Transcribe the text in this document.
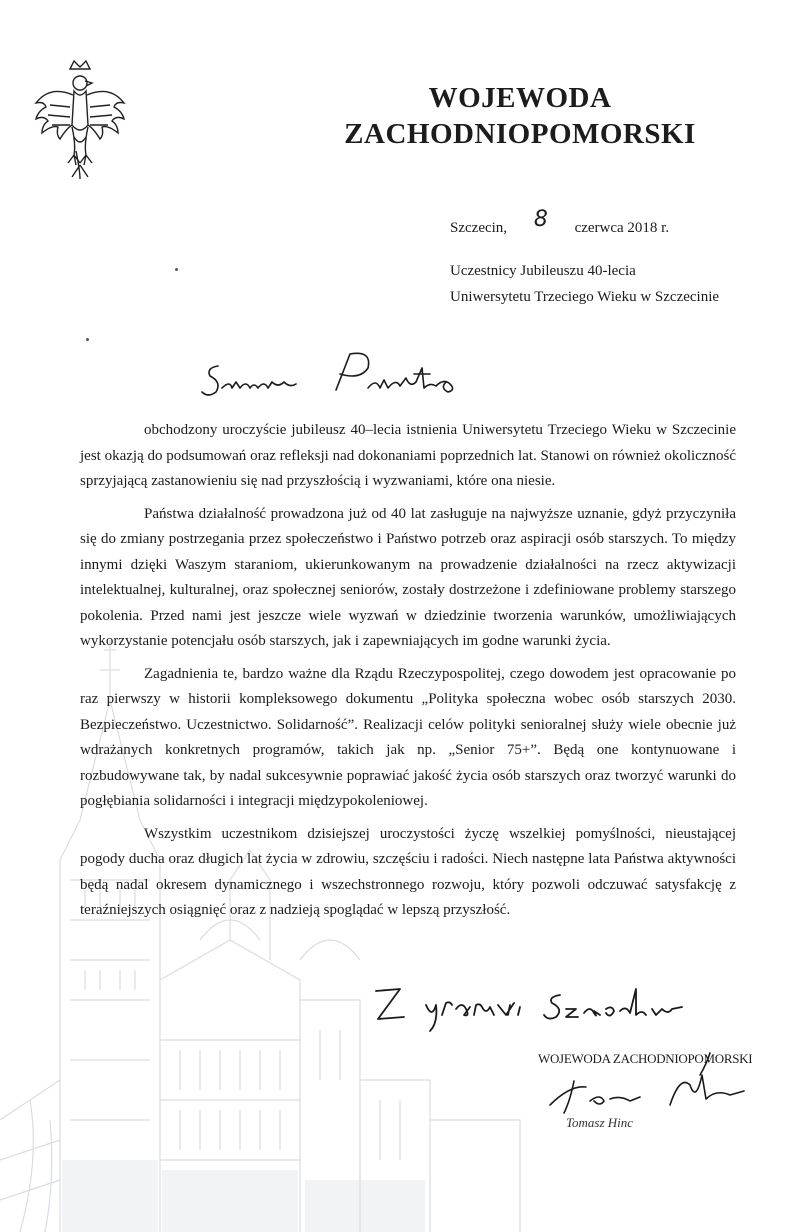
WOJEWODA
ZACHODNIOPOMORSKI
Szczecin, 8 czerwca 2018 r.
Uczestnicy Jubileuszu 40-lecia
Uniwersytetu Trzeciego Wieku w Szczecinie

obchodzony uroczyście jubileusz 40–lecia istnienia Uniwersytetu Trzeciego Wieku w Szczecinie jest okazją do podsumowań oraz refleksji nad dokonaniami poprzednich lat. Stanowi on również okoliczność sprzyjającą zastanowieniu się nad przyszłością i wyzwaniami, które ona niesie.

Państwa działalność prowadzona już od 40 lat zasługuje na najwyższe uznanie, gdyż przyczyniła się do zmiany postrzegania przez społeczeństwo i Państwo potrzeb oraz aspiracji osób starszych. To między innymi dzięki Waszym staraniom, ukierunkowanym na prowadzenie działalności na rzecz aktywizacji intelektualnej, kulturalnej, oraz społecznej seniorów, zostały dostrzeżone i zdefiniowane problemy starszego pokolenia. Przed nami jest jeszcze wiele wyzwań w dziedzinie tworzenia warunków, umożliwiających wykorzystanie potencjału osób starszych, jak i zapewniających im godne warunki życia.

Zagadnienia te, bardzo ważne dla Rządu Rzeczypospolitej, czego dowodem jest opracowanie po raz pierwszy w historii kompleksowego dokumentu „Polityka społeczna wobec osób starszych 2030. Bezpieczeństwo. Uczestnictwo. Solidarność”. Realizacji celów polityki senioralnej służy wiele obecnie już wdrażanych konkretnych programów, takich jak np. „Senior 75+”. Będą one kontynuowane i rozbudowywane tak, by nadal sukcesywnie poprawiać jakość życia osób starszych oraz tworzyć warunki do pogłębiania solidarności i integracji międzypokoleniowej.

Wszystkim uczestnikom dzisiejszej uroczystości życzę wszelkiej pomyślności, nieustającej pogody ducha oraz długich lat życia w zdrowiu, szczęściu i radości. Niech następne lata Państwa aktywności będą nadal okresem dynamicznego i wszechstronnego rozwoju, który pozwoli odczuwać satysfakcję z teraźniejszych osiągnięć oraz z nadzieją spoglądać w lepszą przyszłość.

WOJEWODA ZACHODNIOPOMORSKI
Tomasz Hinc
